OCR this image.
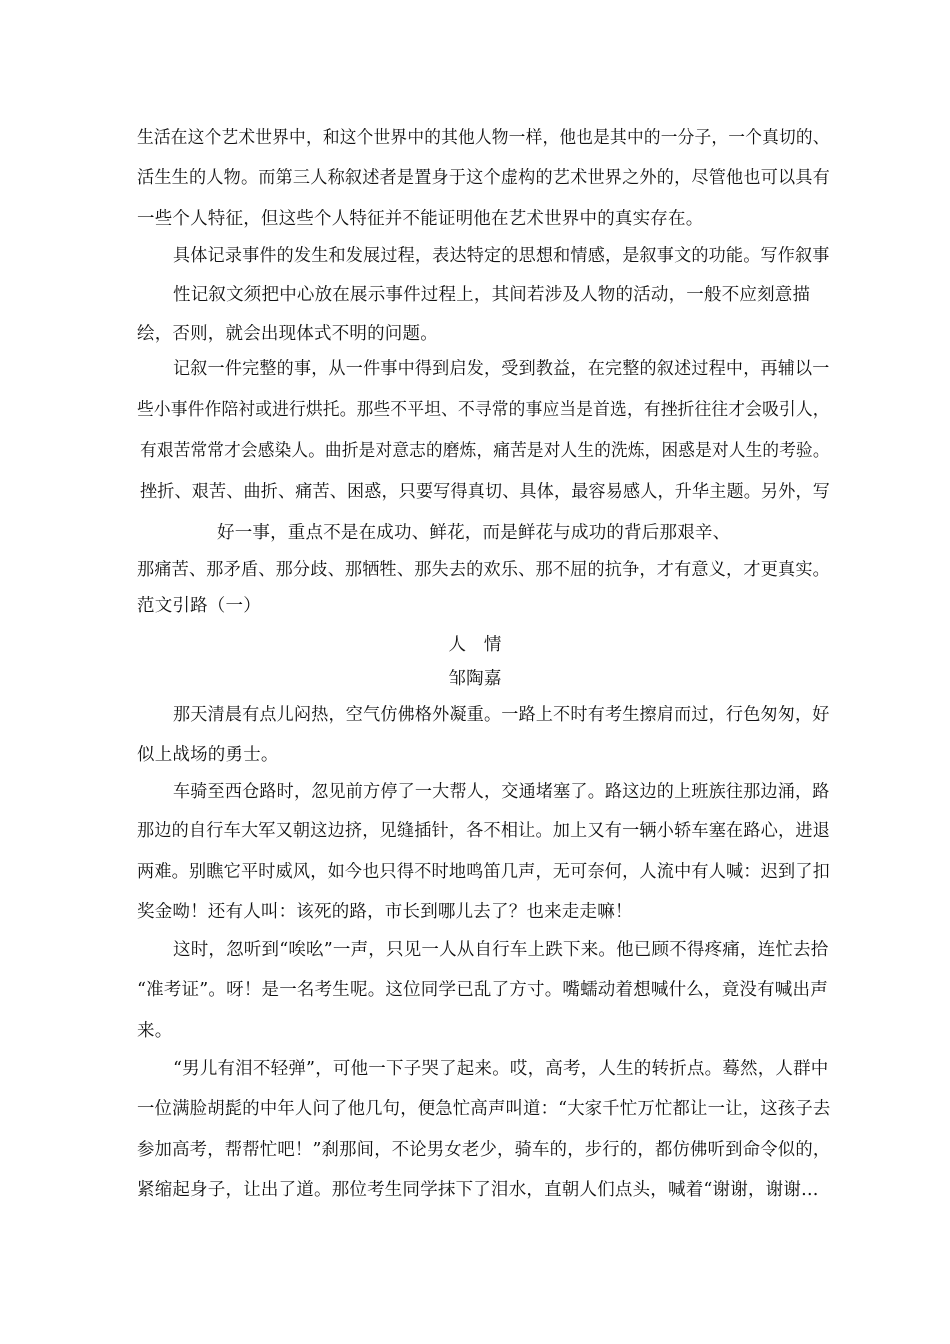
生活在这个艺术世界中，和这个世界中的其他人物一样，他也是其中的一分子，一个真切的、
活生生的人物。而第三人称叙述者是置身于这个虚构的艺术世界之外的，尽管他也可以具有
一些个人特征，但这些个人特征并不能证明他在艺术世界中的真实存在。
具体记录事件的发生和发展过程，表达特定的思想和情感，是叙事文的功能。写作叙事
性记叙文须把中心放在展示事件过程上，其间若涉及人物的活动，一般不应刻意描
绘，否则，就会出现体式不明的问题。
记叙一件完整的事，从一件事中得到启发，受到教益，在完整的叙述过程中，再辅以一
些小事件作陪衬或进行烘托。那些不平坦、不寻常的事应当是首选，有挫折往往才会吸引人，
有艰苦常常才会感染人。曲折是对意志的磨炼，痛苦是对人生的洗炼，困惑是对人生的考验。
挫折、艰苦、曲折、痛苦、困惑，只要写得真切、具体，最容易感人，升华主题。另外，写
好一事，重点不是在成功、鲜花，而是鲜花与成功的背后那艰辛、
那痛苦、那矛盾、那分歧、那牺牲、那失去的欢乐、那不屈的抗争，才有意义，才更真实。
范文引路（一）
人　情
邹陶嘉
那天清晨有点儿闷热，空气仿佛格外凝重。一路上不时有考生擦肩而过，行色匆匆，好
似上战场的勇士。
车骑至西仓路时，忽见前方停了一大帮人，交通堵塞了。路这边的上班族往那边涌，路
那边的自行车大军又朝这边挤，见缝插针，各不相让。加上又有一辆小轿车塞在路心，进退
两难。别瞧它平时威风，如今也只得不时地鸣笛几声，无可奈何，人流中有人喊：迟到了扣
奖金呦！还有人叫：该死的路，市长到哪儿去了？也来走走嘛！
这时，忽听到“唉吆”一声，只见一人从自行车上跌下来。他已顾不得疼痛，连忙去拾
“准考证”。呀！是一名考生呢。这位同学已乱了方寸。嘴蠕动着想喊什么，竟没有喊出声
来。
“男儿有泪不轻弹”，可他一下子哭了起来。哎，高考，人生的转折点。蓦然，人群中
一位满脸胡髭的中年人问了他几句，便急忙高声叫道：“大家千忙万忙都让一让，这孩子去
参加高考，帮帮忙吧！”刹那间，不论男女老少，骑车的，步行的，都仿佛听到命令似的，
紧缩起身子，让出了道。那位考生同学抹下了泪水，直朝人们点头，喊着“谢谢，谢谢…
